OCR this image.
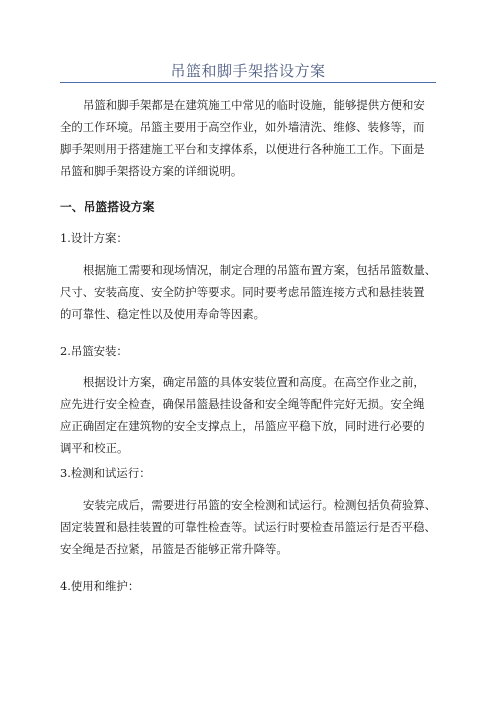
吊篮和脚手架搭设方案
吊篮和脚手架都是在建筑施工中常见的临时设施，能够提供方便和安
全的工作环境。吊篮主要用于高空作业，如外墙清洗、维修、装修等，而
脚手架则用于搭建施工平台和支撑体系，以便进行各种施工工作。下面是
吊篮和脚手架搭设方案的详细说明。
一、吊篮搭设方案
1.设计方案：
根据施工需要和现场情况，制定合理的吊篮布置方案，包括吊篮数量、
尺寸、安装高度、安全防护等要求。同时要考虑吊篮连接方式和悬挂装置
的可靠性、稳定性以及使用寿命等因素。
2.吊篮安装：
根据设计方案，确定吊篮的具体安装位置和高度。在高空作业之前，
应先进行安全检查，确保吊篮悬挂设备和安全绳等配件完好无损。安全绳
应正确固定在建筑物的安全支撑点上，吊篮应平稳下放，同时进行必要的
调平和校正。
3.检测和试运行：
安装完成后，需要进行吊篮的安全检测和试运行。检测包括负荷验算、
固定装置和悬挂装置的可靠性检查等。试运行时要检查吊篮运行是否平稳、
安全绳是否拉紧，吊篮是否能够正常升降等。
4.使用和维护：
